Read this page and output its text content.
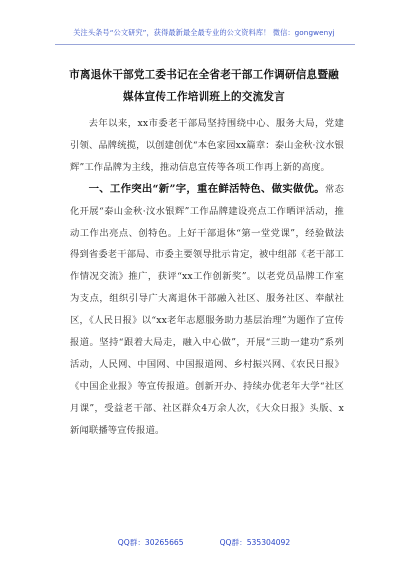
关注头条号“公文研究”，获得最新最全最专业的公文资料库！ 微信：gongwenyj
市离退休干部党工委书记在全省老干部工作调研信息暨融
媒体宣传工作培训班上的交流发言

去年以来，xx市委老干部局坚持围绕中心、服务大局，党建引领、品牌统揽，以创建创优“本色家园xx篇章：泰山金秋·汶水银辉”工作品牌为主线，推动信息宣传等各项工作再上新的高度。

一、工作突出“新”字，重在鲜活特色、做实做优。常态化开展“泰山金秋·汶水银辉”工作品牌建设亮点工作晒评活动，推动工作出亮点、创特色。上好干部退休“第一堂党课”，经验做法得到省委老干部局、市委主要领导批示肯定，被中组部《老干部工作情况交流》推广，获评“xx工作创新奖”。以老党员品牌工作室为支点，组织引导广大离退休干部融入社区、服务社区、奉献社区，《人民日报》以“xx老年志愿服务助力基层治理”为题作了宣传报道。坚持“跟着大局走，融入中心做”，开展“三助一建功”系列活动，人民网、中国网、中国报道网、乡村振兴网、《农民日报》《中国企业报》等宣传报道。创新开办、持续办优老年大学“社区月课”，受益老干部、社区群众4万余人次，《大众日报》头版、x新闻联播等宣传报道。

QQ群：30265665	QQ群：535304092
